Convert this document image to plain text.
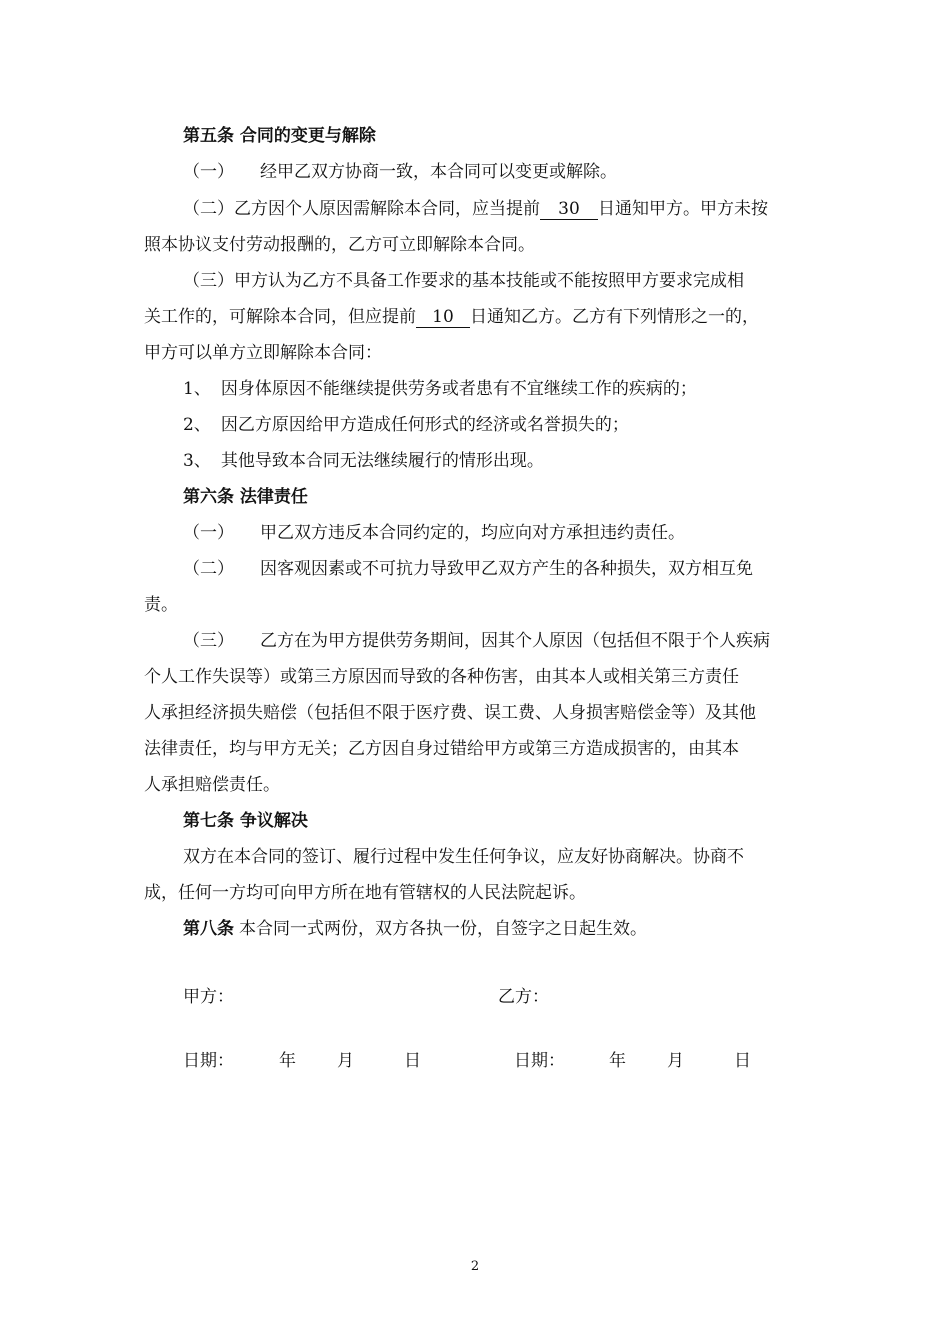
第五条 合同的变更与解除
（一） 经甲乙双方协商一致，本合同可以变更或解除。
（二）乙方因个人原因需解除本合同，应当提前 30 日通知甲方。甲方未按
照本协议支付劳动报酬的，乙方可立即解除本合同。
（三）甲方认为乙方不具备工作要求的基本技能或不能按照甲方要求完成相
关工作的，可解除本合同，但应提前 10 日通知乙方。乙方有下列情形之一的，
甲方可以单方立即解除本合同：
1、 因身体原因不能继续提供劳务或者患有不宜继续工作的疾病的；
2、 因乙方原因给甲方造成任何形式的经济或名誉损失的；
3、 其他导致本合同无法继续履行的情形出现。
第六条 法律责任
（一） 甲乙双方违反本合同约定的，均应向对方承担违约责任。
（二） 因客观因素或不可抗力导致甲乙双方产生的各种损失，双方相互免
责。
（三） 乙方在为甲方提供劳务期间，因其个人原因（包括但不限于个人疾病
个人工作失误等）或第三方原因而导致的各种伤害，由其本人或相关第三方责任
人承担经济损失赔偿（包括但不限于医疗费、误工费、人身损害赔偿金等）及其他
法律责任，均与甲方无关；乙方因自身过错给甲方或第三方造成损害的，由其本
人承担赔偿责任。
第七条 争议解决
双方在本合同的签订、履行过程中发生任何争议，应友好协商解决。协商不
成，任何一方均可向甲方所在地有管辖权的人民法院起诉。
第八条 本合同一式两份，双方各执一份，自签字之日起生效。
甲方：	乙方：
日期：	年 月	日	日期：	年 月	日
2
